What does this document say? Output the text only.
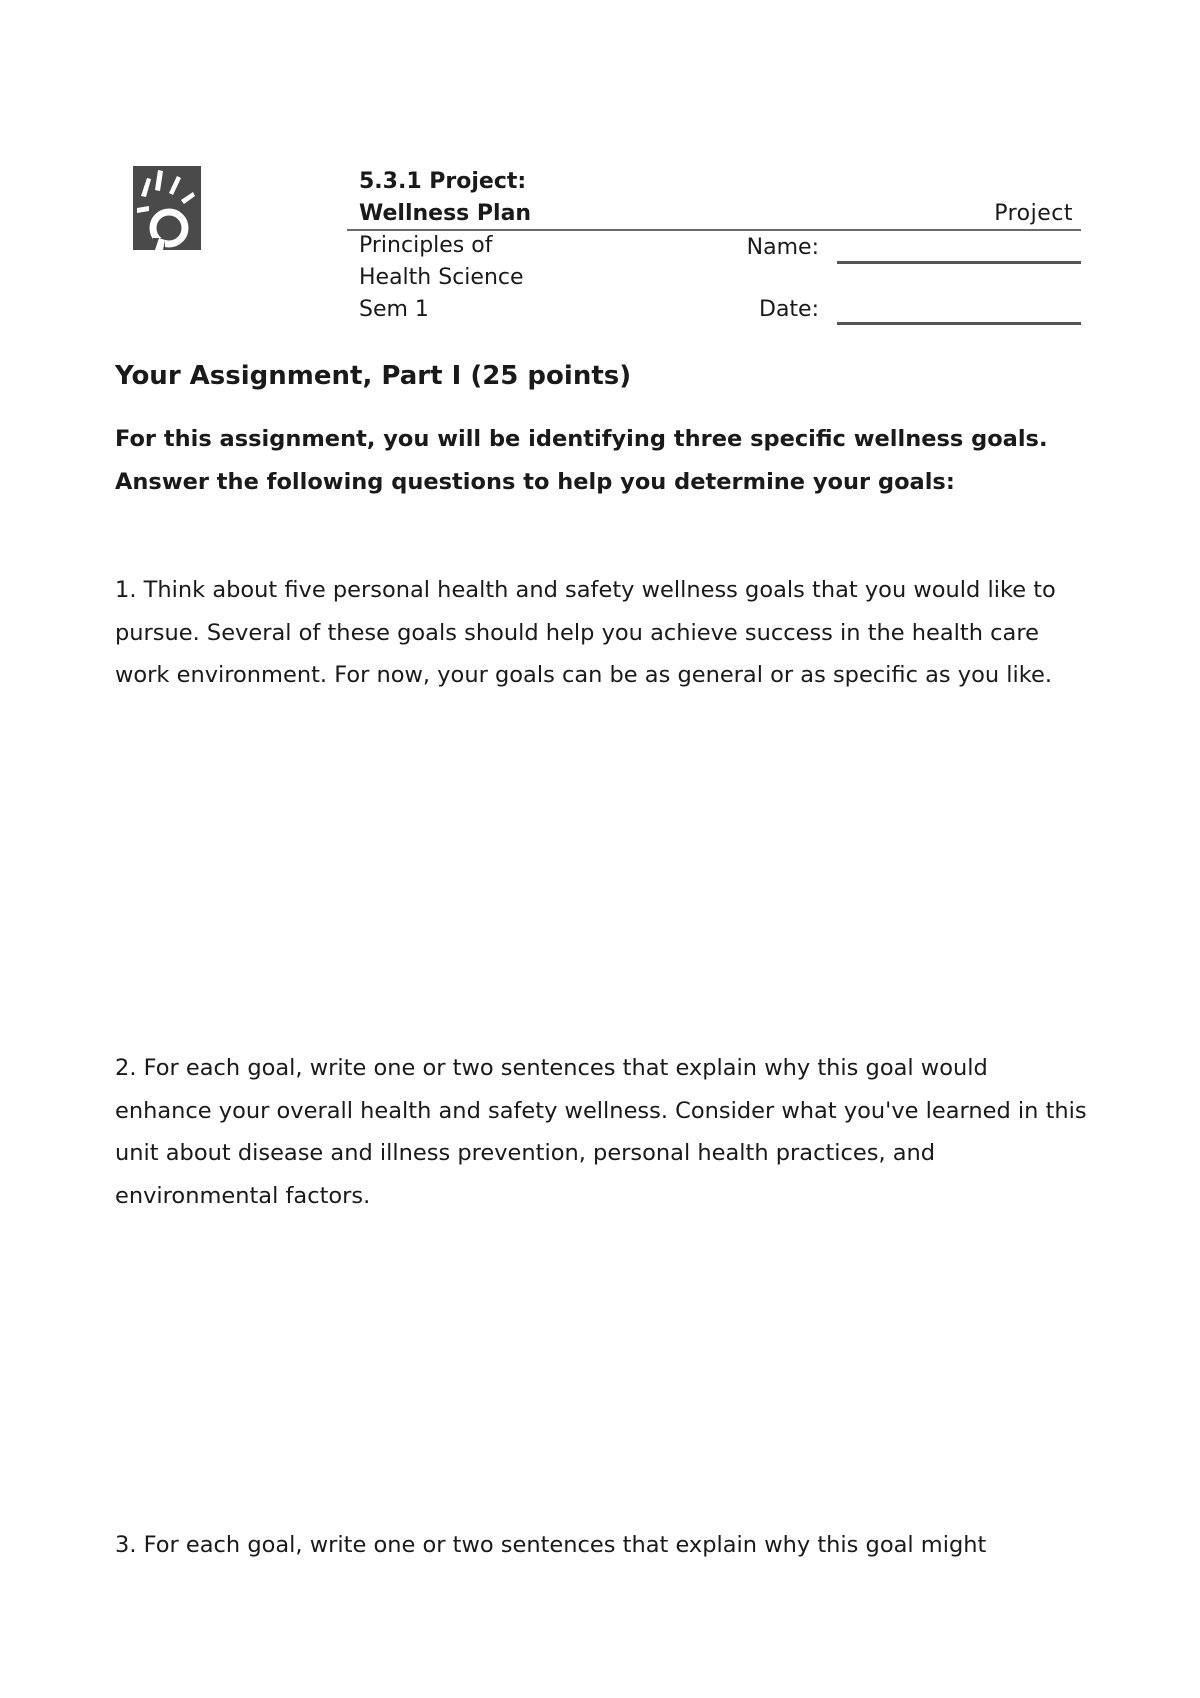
5.3.1 Project:
Wellness Plan	Project
Principles of
Health Science
Sem 1
Name:
Date:
Your Assignment, Part I (25 points)
For this assignment, you will be identifying three specific wellness goals. Answer the following questions to help you determine your goals:
1. Think about five personal health and safety wellness goals that you would like to pursue. Several of these goals should help you achieve success in the health care work environment. For now, your goals can be as general or as specific as you like.
2. For each goal, write one or two sentences that explain why this goal would enhance your overall health and safety wellness. Consider what you've learned in this unit about disease and illness prevention, personal health practices, and environmental factors.
3. For each goal, write one or two sentences that explain why this goal might
